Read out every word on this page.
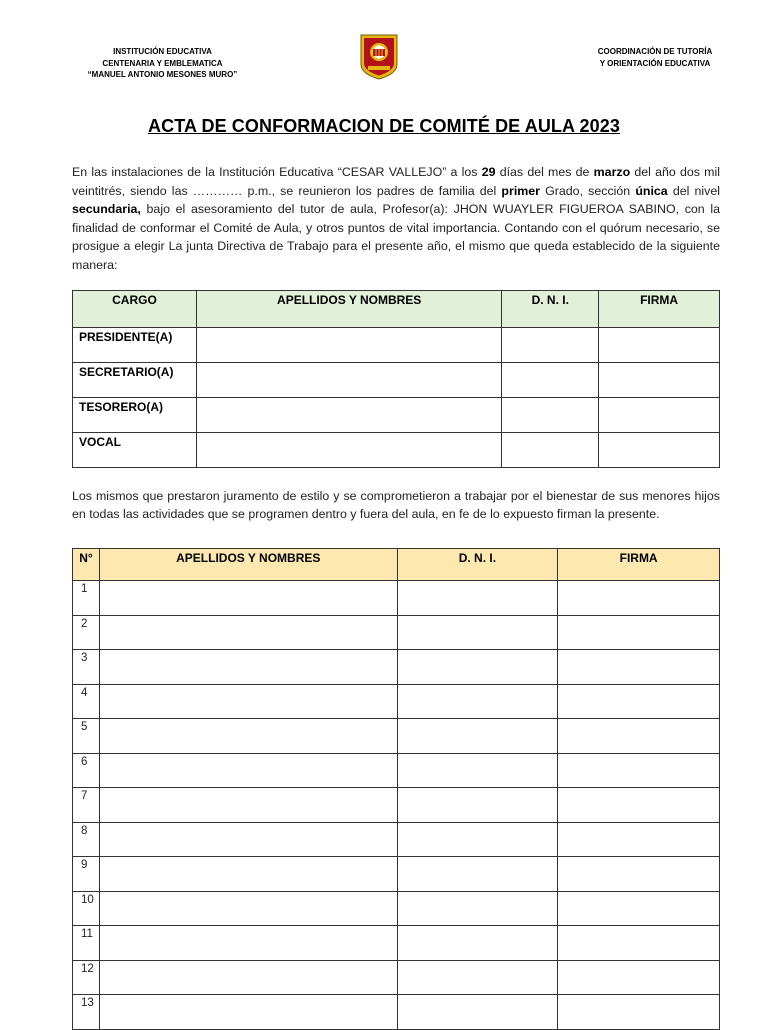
INSTITUCIÓN EDUCATIVA
CENTENARIA Y EMBLEMATICA
“MANUEL ANTONIO MESONES MURO”
COORDINACIÓN DE TUTORÍA
Y ORIENTACIÓN EDUCATIVA
ACTA DE CONFORMACION DE COMITÉ DE AULA 2023
En las instalaciones de la Institución Educativa “CESAR VALLEJO” a los 29 días del mes de marzo del año dos mil veintitrés, siendo las ………… p.m., se reunieron los padres de familia del primer Grado, sección única del nivel secundaria, bajo el asesoramiento del tutor de aula, Profesor(a): JHON WUAYLER FIGUEROA SABINO, con la finalidad de conformar el Comité de Aula, y otros puntos de vital importancia. Contando con el quórum necesario, se prosigue a elegir La junta Directiva de Trabajo para el presente año, el mismo que queda establecido de la siguiente manera:
CARGO	APELLIDOS Y NOMBRES	D. N. I.	FIRMA
PRESIDENTE(A)			
SECRETARIO(A)			
TESORERO(A)			
VOCAL			
Los mismos que prestaron juramento de estilo y se comprometieron a trabajar por el bienestar de sus menores hijos en todas las actividades que se programen dentro y fuera del aula, en fe de lo expuesto firman la presente.
N°	APELLIDOS Y NOMBRES	D. N. I.	FIRMA
1			
2			
3			
4			
5			
6			
7			
8			
9			
10			
11			
12			
13			
